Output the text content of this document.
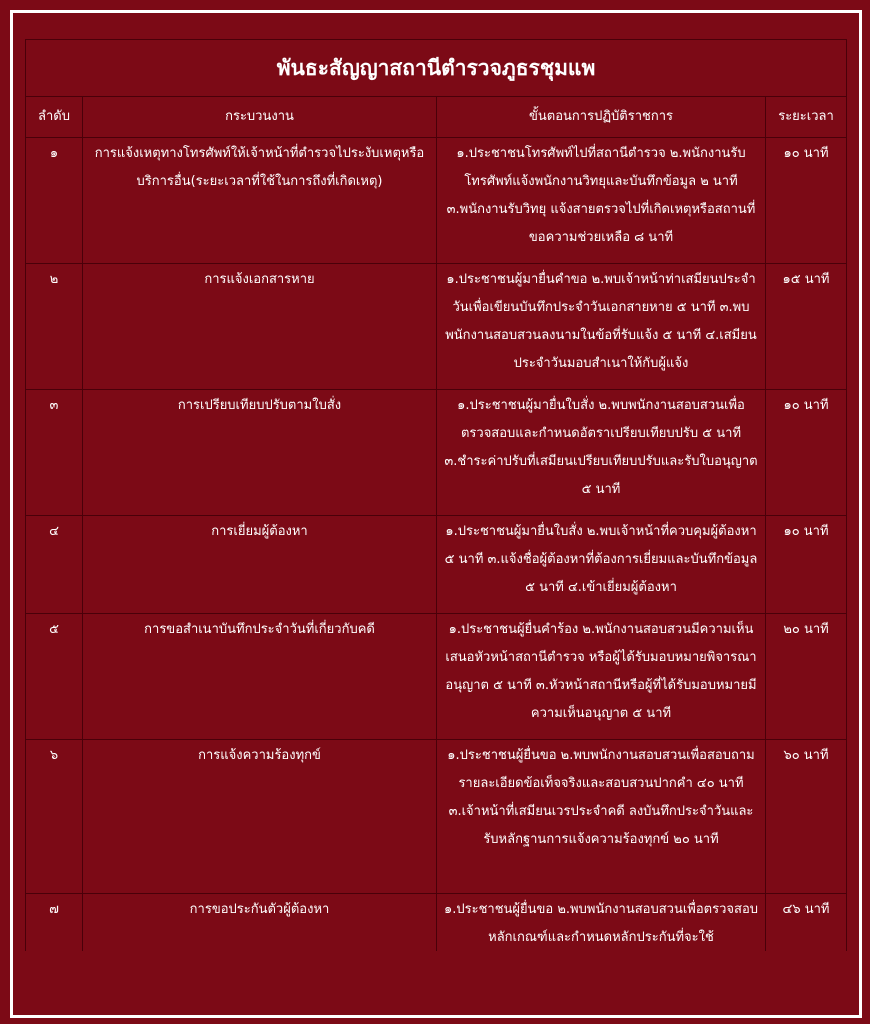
พันธะสัญญาสถานีตำรวจภูธรชุมแพ			
ลำดับ	กระบวนงาน	ขั้นตอนการปฏิบัติราชการ	ระยะเวลา
๑	การแจ้งเหตุทางโทรศัพท์ให้เจ้าหน้าที่ตำรวจไประงับเหตุหรือบริการอื่น(ระยะเวลาที่ใช้ในการถึงที่เกิดเหตุ)	๑.ประชาชนโทรศัพท์ไปที่สถานีตำรวจ ๒.พนักงานรับโทรศัพท์แจ้งพนักงานวิทยุและบันทึกข้อมูล ๒ นาที ๓.พนักงานรับวิทยุ แจ้งสายตรวจไปที่เกิดเหตุหรือสถานที่ขอความช่วยเหลือ ๘ นาที	๑๐ นาที
๒	การแจ้งเอกสารหาย	๑.ประชาชนผู้มายื่นคำขอ ๒.พบเจ้าหน้าท่าเสมียนประจำวันเพื่อเขียนบันทึกประจำวันเอกสายหาย ๕ นาที ๓.พบพนักงานสอบสวนลงนามในข้อที่รับแจ้ง ๕ นาที ๔.เสมียนประจำวันมอบสำเนาให้กับผู้แจ้ง	๑๕ นาที
๓	การเปรียบเทียบปรับตามใบสั่ง	๑.ประชาชนผู้มายื่นใบสั่ง ๒.พบพนักงานสอบสวนเพื่อตรวจสอบและกำหนดอัตราเปรียบเทียบปรับ ๕ นาที ๓.ชำระค่าปรับที่เสมียนเปรียบเทียบปรับและรับใบอนุญาต ๕ นาที	๑๐ นาที
๔	การเยี่ยมผู้ต้องหา	๑.ประชาชนผู้มายื่นใบสั่ง ๒.พบเจ้าหน้าที่ควบคุมผู้ต้องหา ๕ นาที ๓.แจ้งชื่อผู้ต้องหาที่ต้องการเยี่ยมและบันทึกข้อมูล ๕ นาที ๔.เข้าเยี่ยมผู้ต้องหา	๑๐ นาที
๕	การขอสำเนาบันทึกประจำวันที่เกี่ยวกับคดี	๑.ประชาชนผู้ยื่นคำร้อง ๒.พนักงานสอบสวนมีความเห็นเสนอหัวหน้าสถานีตำรวจ หรือผู้ได้รับมอบหมายพิจารณาอนุญาต ๕ นาที ๓.หัวหน้าสถานีหรือผู้ที่ได้รับมอบหมายมีความเห็นอนุญาต ๕ นาที	๒๐ นาที
๖	การแจ้งความร้องทุกข์	๑.ประชาชนผู้ยื่นขอ ๒.พบพนักงานสอบสวนเพื่อสอบถามรายละเอียดข้อเท็จจริงและสอบสวนปากคำ ๔๐ นาที ๓.เจ้าหน้าที่เสมียนเวรประจำคดี ลงบันทึกประจำวันและรับหลักฐานการแจ้งความร้องทุกข์ ๒๐ นาที	๖๐ นาที
๗	การขอประกันตัวผู้ต้องหา	๑.ประชาชนผู้ยื่นขอ ๒.พบพนักงานสอบสวนเพื่อตรวจสอบหลักเกณฑ์และกำหนดหลักประกันที่จะใช้	๔๖ นาที
